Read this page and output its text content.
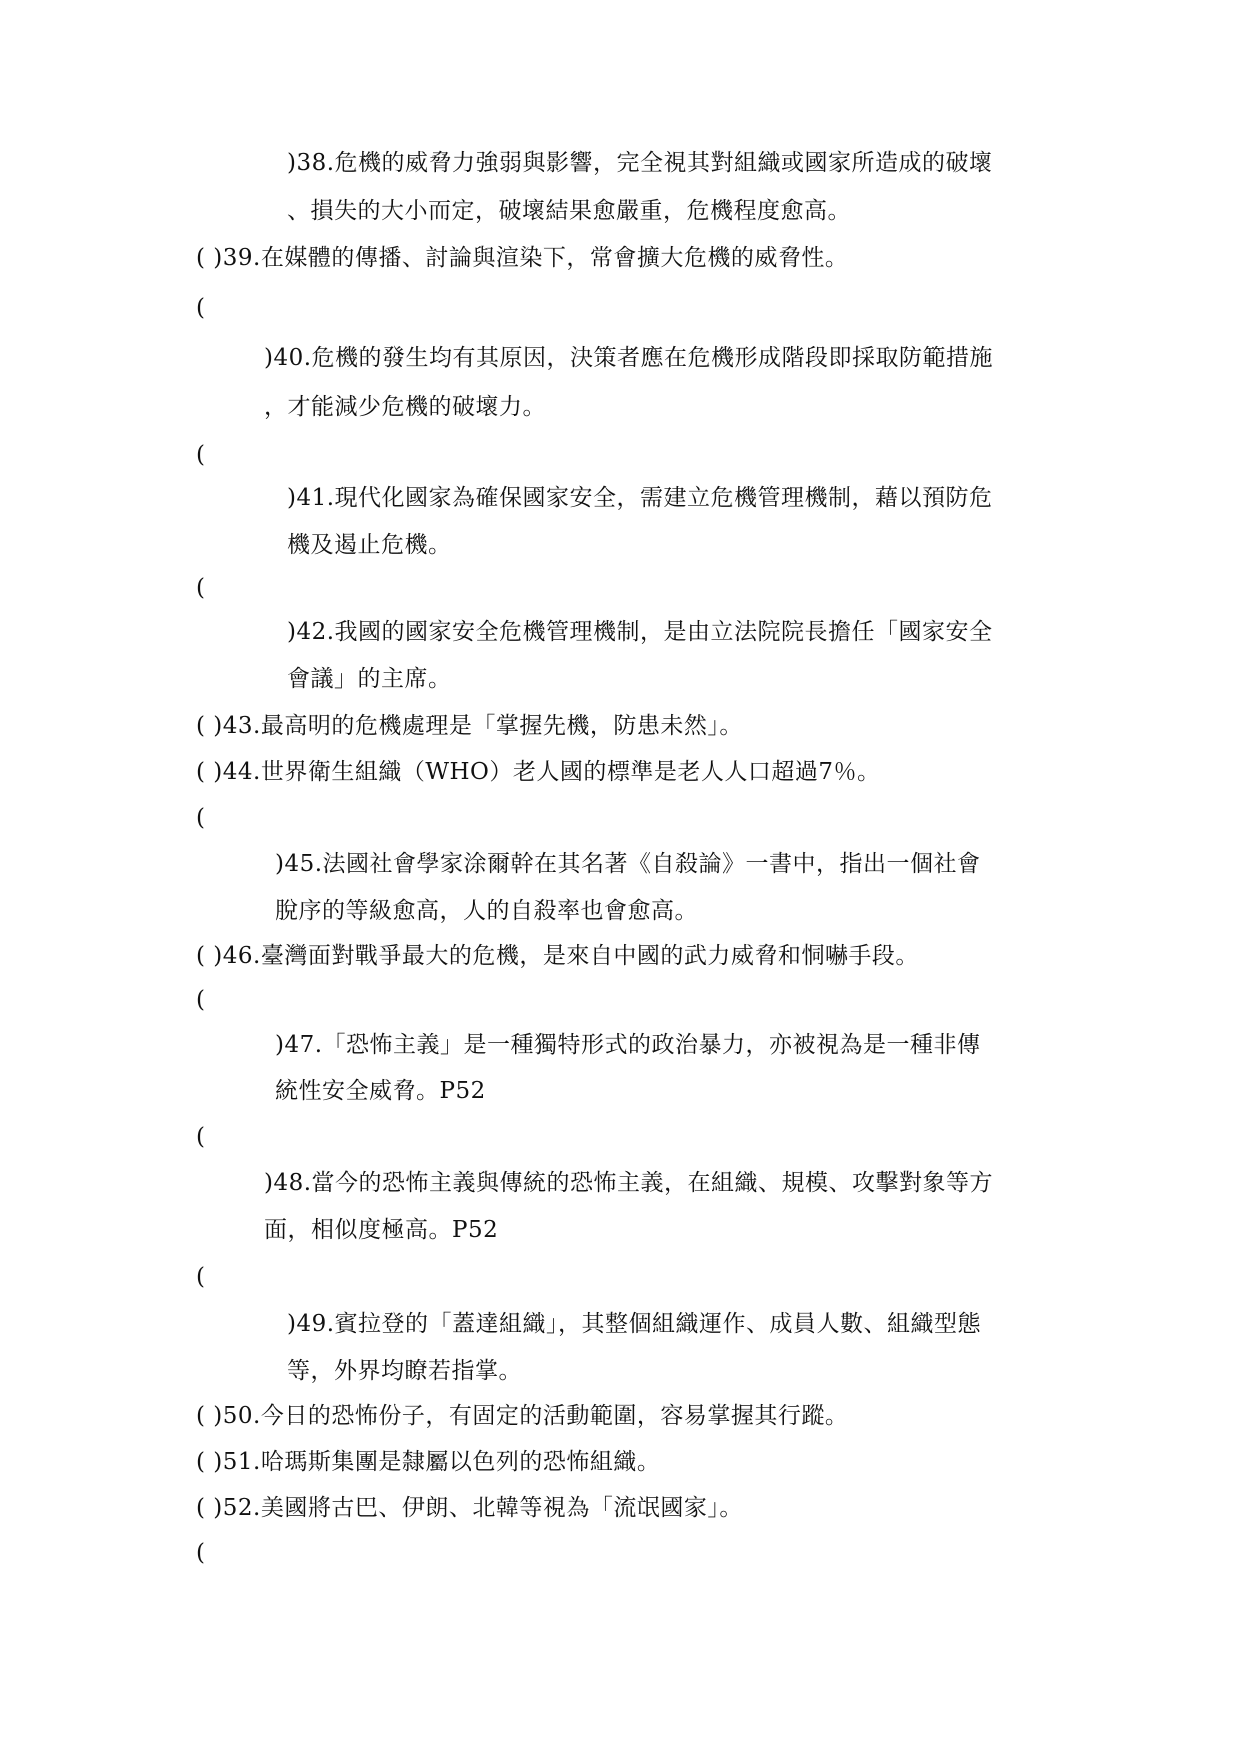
)38.危機的威脅力強弱與影響，完全視其對組織或國家所造成的破壞
、損失的大小而定，破壞結果愈嚴重，危機程度愈高。
( )39.在媒體的傳播、討論與渲染下，常會擴大危機的威脅性。
(
)40.危機的發生均有其原因，決策者應在危機形成階段即採取防範措施
，才能減少危機的破壞力。
(
)41.現代化國家為確保國家安全，需建立危機管理機制，藉以預防危
機及遏止危機。
(
)42.我國的國家安全危機管理機制，是由立法院院長擔任「國家安全
會議」的主席。
( )43.最高明的危機處理是「掌握先機，防患未然」。
( )44.世界衛生組織（WHO）老人國的標準是老人人口超過7％。
(
)45.法國社會學家涂爾幹在其名著《自殺論》一書中，指出一個社會
脫序的等級愈高，人的自殺率也會愈高。
( )46.臺灣面對戰爭最大的危機，是來自中國的武力威脅和恫嚇手段。
(
)47.「恐怖主義」是一種獨特形式的政治暴力，亦被視為是一種非傳
統性安全威脅。P52
(
)48.當今的恐怖主義與傳統的恐怖主義，在組織、規模、攻擊對象等方
面，相似度極高。P52
(
)49.賓拉登的「蓋達組織」，其整個組織運作、成員人數、組織型態
等，外界均瞭若指掌。
( )50.今日的恐怖份子，有固定的活動範圍，容易掌握其行蹤。
( )51.哈瑪斯集團是隸屬以色列的恐怖組織。
( )52.美國將古巴、伊朗、北韓等視為「流氓國家」。
(
